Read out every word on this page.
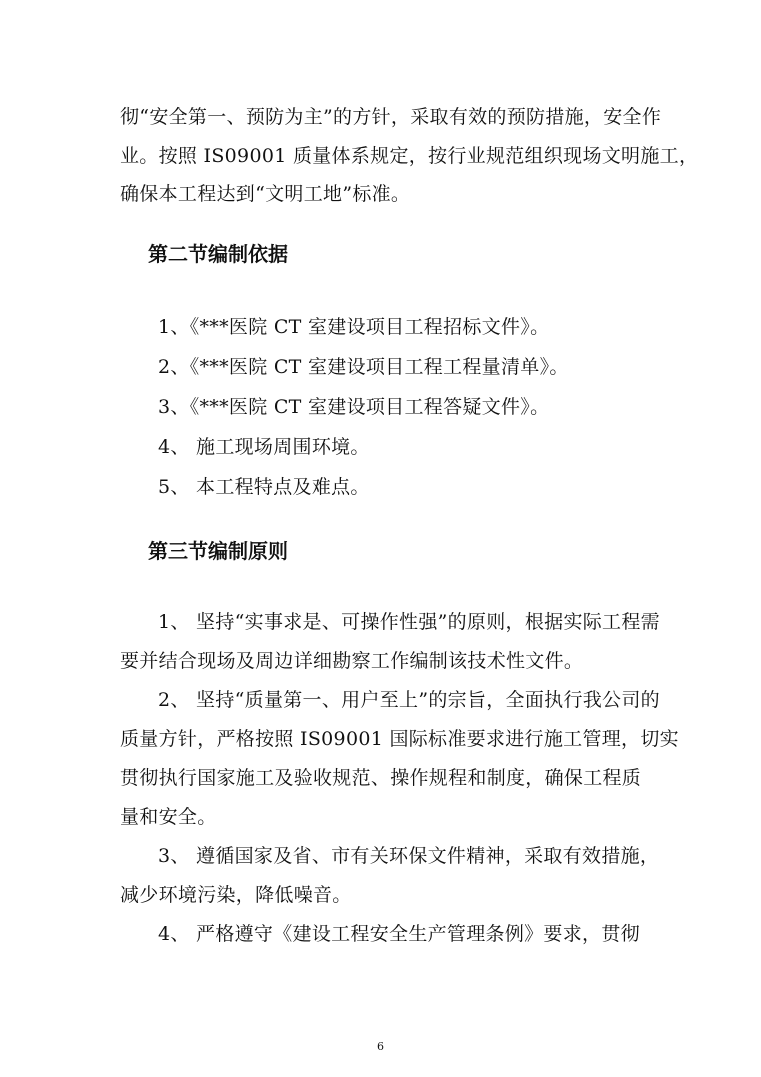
彻“安全第一、预防为主”的方针，采取有效的预防措施，安全作
业。按照 IS09001 质量体系规定，按行业规范组织现场文明施工，
确保本工程达到“文明工地”标准。
第二节编制依据
1、《***医院 CT 室建设项目工程招标文件》。
2、《***医院 CT 室建设项目工程工程量清单》。
3、《***医院 CT 室建设项目工程答疑文件》。
4、 施工现场周围环境。
5、 本工程特点及难点。
第三节编制原则
1、 坚持“实事求是、可操作性强”的原则，根据实际工程需
要并结合现场及周边详细勘察工作编制该技术性文件。
2、 坚持“质量第一、用户至上”的宗旨，全面执行我公司的
质量方针，严格按照 IS09001 国际标准要求进行施工管理，切实
贯彻执行国家施工及验收规范、操作规程和制度，确保工程质
量和安全。
3、 遵循国家及省、市有关环保文件精神，采取有效措施，
减少环境污染，降低噪音。
4、 严格遵守《建设工程安全生产管理条例》要求，贯彻
6
